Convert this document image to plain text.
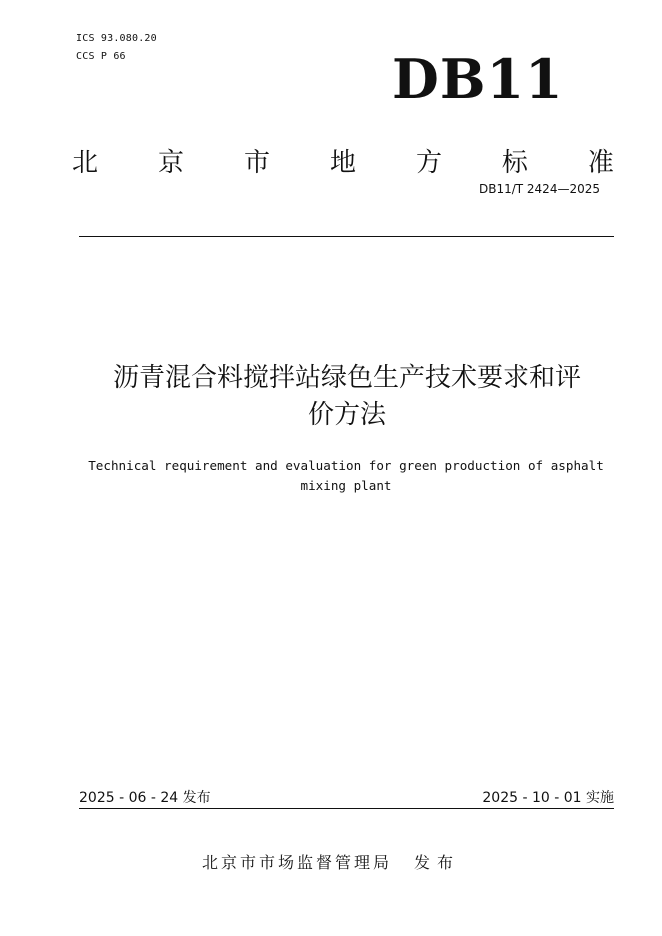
ICS 93.080.20
CCS P 66	DB11
北 京 市 地 方 标 准
DB11/T 2424—2025
沥青混合料搅拌站绿色生产技术要求和评
价方法
Technical requirement and evaluation for green production of asphalt
mixing plant
2025 - 06 - 24 发布	2025 - 10 - 01 实施
北京市市场监督管理局 发布
